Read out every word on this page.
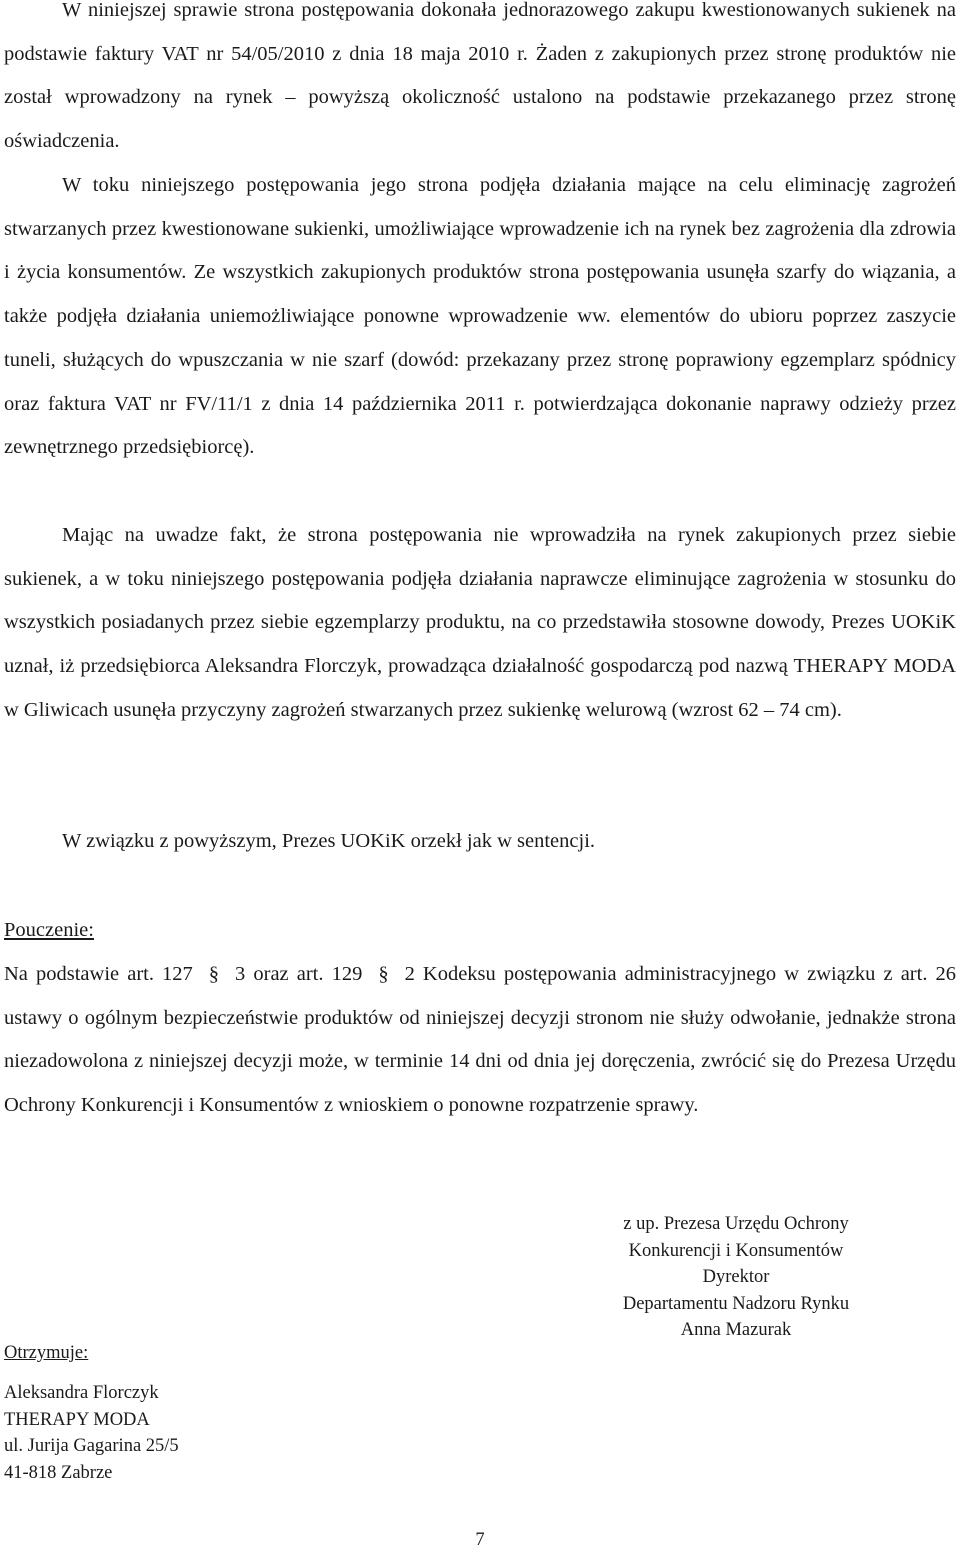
W niniejszej sprawie strona postępowania dokonała jednorazowego zakupu kwestionowanych sukienek na podstawie faktury VAT nr 54/05/2010 z dnia 18 maja 2010 r. Żaden z zakupionych przez stronę produktów nie został wprowadzony na rynek – powyższą okoliczność ustalono na podstawie przekazanego przez stronę oświadczenia.

W toku niniejszego postępowania jego strona podjęła działania mające na celu eliminację zagrożeń stwarzanych przez kwestionowane sukienki, umożliwiające wprowadzenie ich na rynek bez zagrożenia dla zdrowia i życia konsumentów. Ze wszystkich zakupionych produktów strona postępowania usunęła szarfy do wiązania, a także podjęła działania uniemożliwiające ponowne wprowadzenie ww. elementów do ubioru poprzez zaszycie tuneli, służących do wpuszczania w nie szarf (dowód: przekazany przez stronę poprawiony egzemplarz spódnicy oraz faktura VAT nr FV/11/1 z dnia 14 października 2011 r. potwierdzająca dokonanie naprawy odzieży przez zewnętrznego przedsiębiorcę).

Mając na uwadze fakt, że strona postępowania nie wprowadziła na rynek zakupionych przez siebie sukienek, a w toku niniejszego postępowania podjęła działania naprawcze eliminujące zagrożenia w stosunku do wszystkich posiadanych przez siebie egzemplarzy produktu, na co przedstawiła stosowne dowody, Prezes UOKiK uznał, iż przedsiębiorca Aleksandra Florczyk, prowadząca działalność gospodarczą pod nazwą THERAPY MODA w Gliwicach usunęła przyczyny zagrożeń stwarzanych przez sukienkę welurową (wzrost 62 – 74 cm).

W związku z powyższym, Prezes UOKiK orzekł jak w sentencji.

Pouczenie:

Na podstawie art. 127 § 3 oraz art. 129 § 2 Kodeksu postępowania administracyjnego w związku z art. 26 ustawy o ogólnym bezpieczeństwie produktów od niniejszej decyzji stronom nie służy odwołanie, jednakże strona niezadowolona z niniejszej decyzji może, w terminie 14 dni od dnia jej doręczenia, zwrócić się do Prezesa Urzędu Ochrony Konkurencji i Konsumentów z wnioskiem o ponowne rozpatrzenie sprawy.

z up. Prezesa Urzędu Ochrony
Konkurencji i Konsumentów
Dyrektor
Departamentu Nadzoru Rynku
Anna Mazurak

Otrzymuje:

Aleksandra Florczyk
THERAPY MODA
ul. Jurija Gagarina 25/5
41-818 Zabrze
7
